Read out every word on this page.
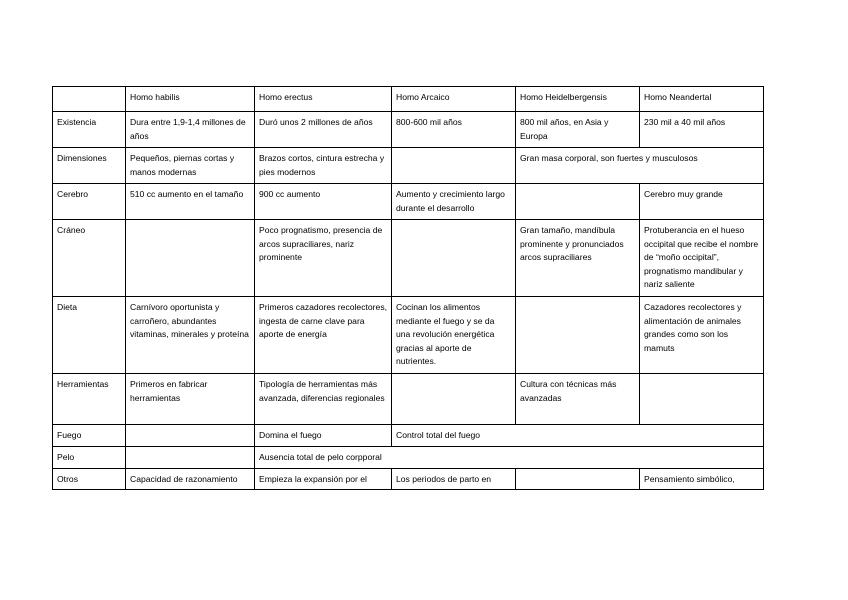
	Homo habilis	Homo erectus	Homo Arcaico	Homo Heidelbergensis	Homo Neandertal
Existencia	Dura entre 1,9-1,4 millones de años	Duró unos 2 millones de años	800-600 mil años	800 mil años, en Asia y Europa	230 mil a 40 mil años
Dimensiones	Pequeños, piernas cortas y manos modernas	Brazos cortos, cintura estrecha y pies modernos		Gran masa corporal, son fuertes y musculosos	
Cerebro	510 cc aumento en el tamaño	900 cc aumento	Aumento y crecimiento largo durante el desarrollo		Cerebro muy grande
Cráneo		Poco prognatismo, presencia de arcos supraciliares, nariz prominente		Gran tamaño, mandíbula prominente y pronunciados arcos supraciliares	Protuberancia en el hueso occipital que recibe el nombre de “moño occipital”, prognatismo mandibular y nariz saliente
Dieta	Carnívoro oportunista y carroñero, abundantes vitaminas, minerales y proteína	Primeros cazadores recolectores, ingesta de carne clave para aporte de energía	Cocinan los alimentos mediante el fuego y se da una revolución energética gracias al aporte de nutrientes.		Cazadores recolectores y alimentación de animales grandes como son los mamuts
Herramientas	Primeros en fabricar herramientas	Tipología de herramientas más avanzada, diferencias regionales		Cultura con técnicas más avanzadas	
Fuego		Domina el fuego	Control total del fuego		
Pelo		Ausencia total de pelo corpporal			

Otros	Capacidad de razonamiento	Empieza la expansión por el	Los periodos de parto en		Pensamiento simbólico,
